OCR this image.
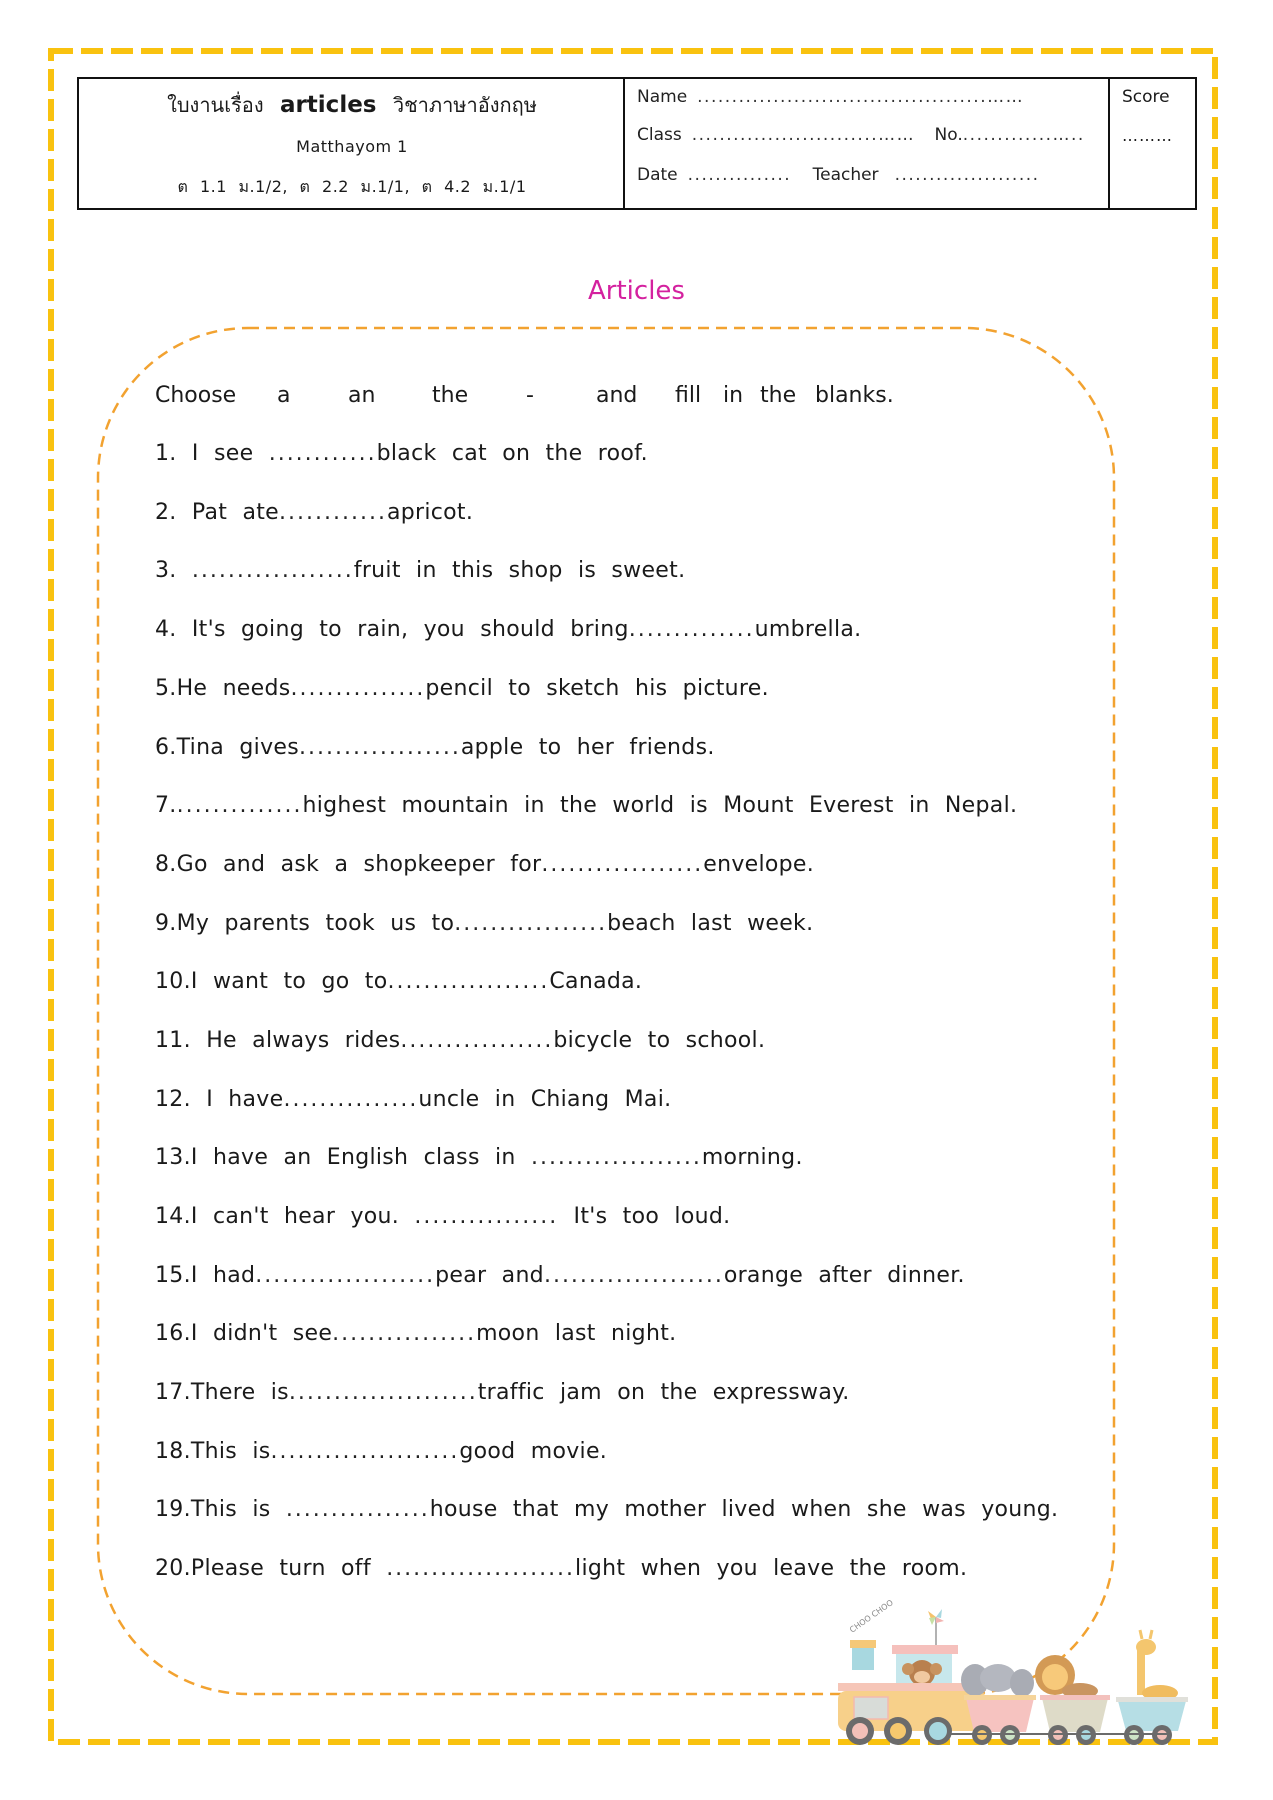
ใบงานเรื่อง articles วิชาภาษาอังกฤษ
Matthayom 1
ต 1.1 ม.1/2, ต 2.2 ม.1/1, ต 4.2 ม.1/1
Name ..........................................……
Class ...........................…… No..............…..
Date ............... Teacher .....................
Score
………
Articles
Choose a	an	the	-	and fill in the blanks.
1. I see ............black cat on the roof.
2. Pat ate............apricot.
3. ..................fruit in this shop is sweet.
4. It's going to rain, you should bring..............umbrella.
5.He needs...............pencil to sketch his picture.
6.Tina gives..................apple to her friends.
7...............highest mountain in the world is Mount Everest in Nepal.
8.Go and ask a shopkeeper for..................envelope.
9.My parents took us to.................beach last week.
10.I want to go to..................Canada.
11. He always rides.................bicycle to school.
12. I have...............uncle in Chiang Mai.
13.I have an English class in ...................morning.
14.I can't hear you. ................ It's too loud.
15.I had....................pear and....................orange after dinner.
16.I didn't see................moon last night.
17.There is.....................traffic jam on the expressway.
18.This is.....................good movie.
19.This is ................house that my mother lived when she was young.
20.Please turn off .....................light when you leave the room.
CHOO CHOO
